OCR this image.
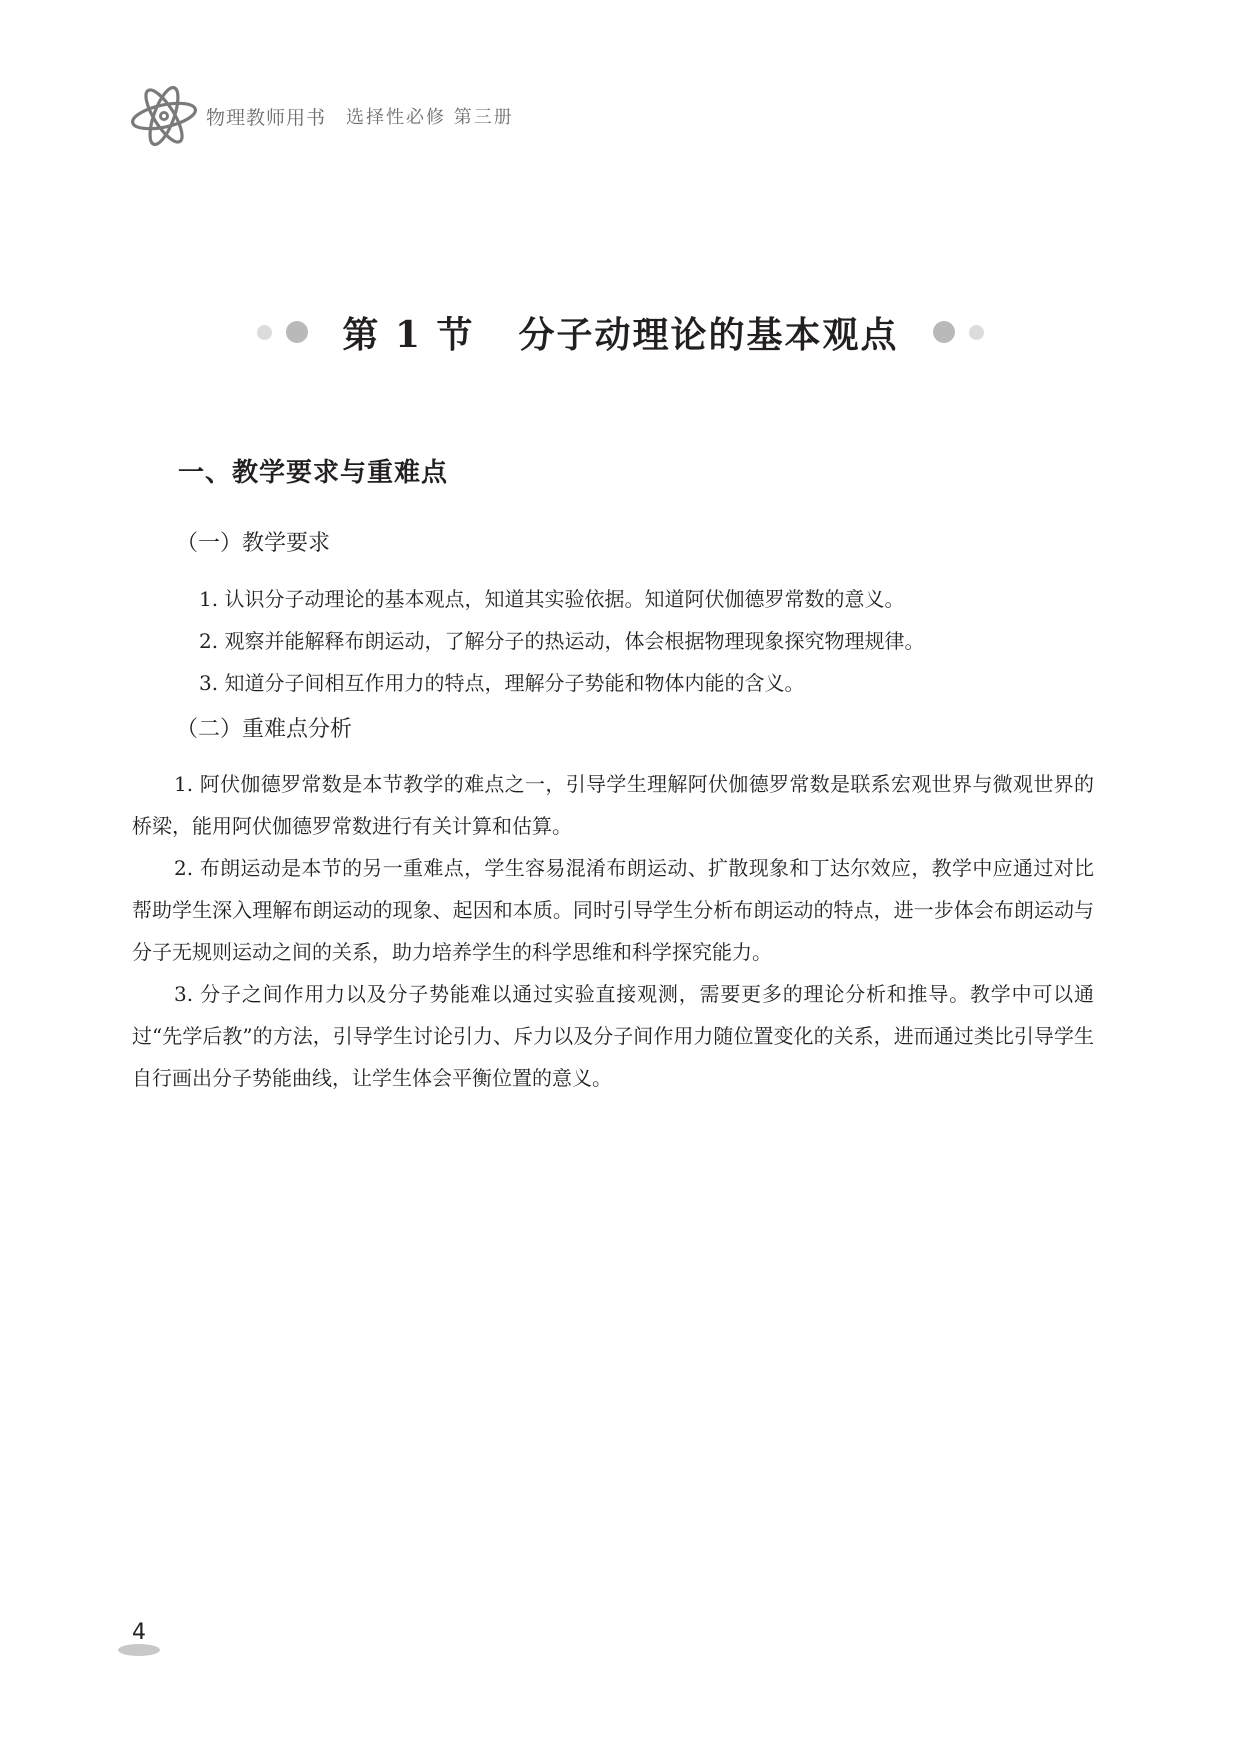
物理教师用书 选择性必修 第三册
第 1 节 分子动理论的基本观点
一、教学要求与重难点
（一）教学要求
1. 认识分子动理论的基本观点，知道其实验依据。知道阿伏伽德罗常数的意义。
2. 观察并能解释布朗运动，了解分子的热运动，体会根据物理现象探究物理规律。
3. 知道分子间相互作用力的特点，理解分子势能和物体内能的含义。
（二）重难点分析

1. 阿伏伽德罗常数是本节教学的难点之一，引导学生理解阿伏伽德罗常数是联系宏观世界与微观世界的桥梁，能用阿伏伽德罗常数进行有关计算和估算。

2. 布朗运动是本节的另一重难点，学生容易混淆布朗运动、扩散现象和丁达尔效应，教学中应通过对比帮助学生深入理解布朗运动的现象、起因和本质。同时引导学生分析布朗运动的特点，进一步体会布朗运动与分子无规则运动之间的关系，助力培养学生的科学思维和科学探究能力。

3. 分子之间作用力以及分子势能难以通过实验直接观测，需要更多的理论分析和推导。教学中可以通过“先学后教”的方法，引导学生讨论引力、斥力以及分子间作用力随位置变化的关系，进而通过类比引导学生自行画出分子势能曲线，让学生体会平衡位置的意义。

4
